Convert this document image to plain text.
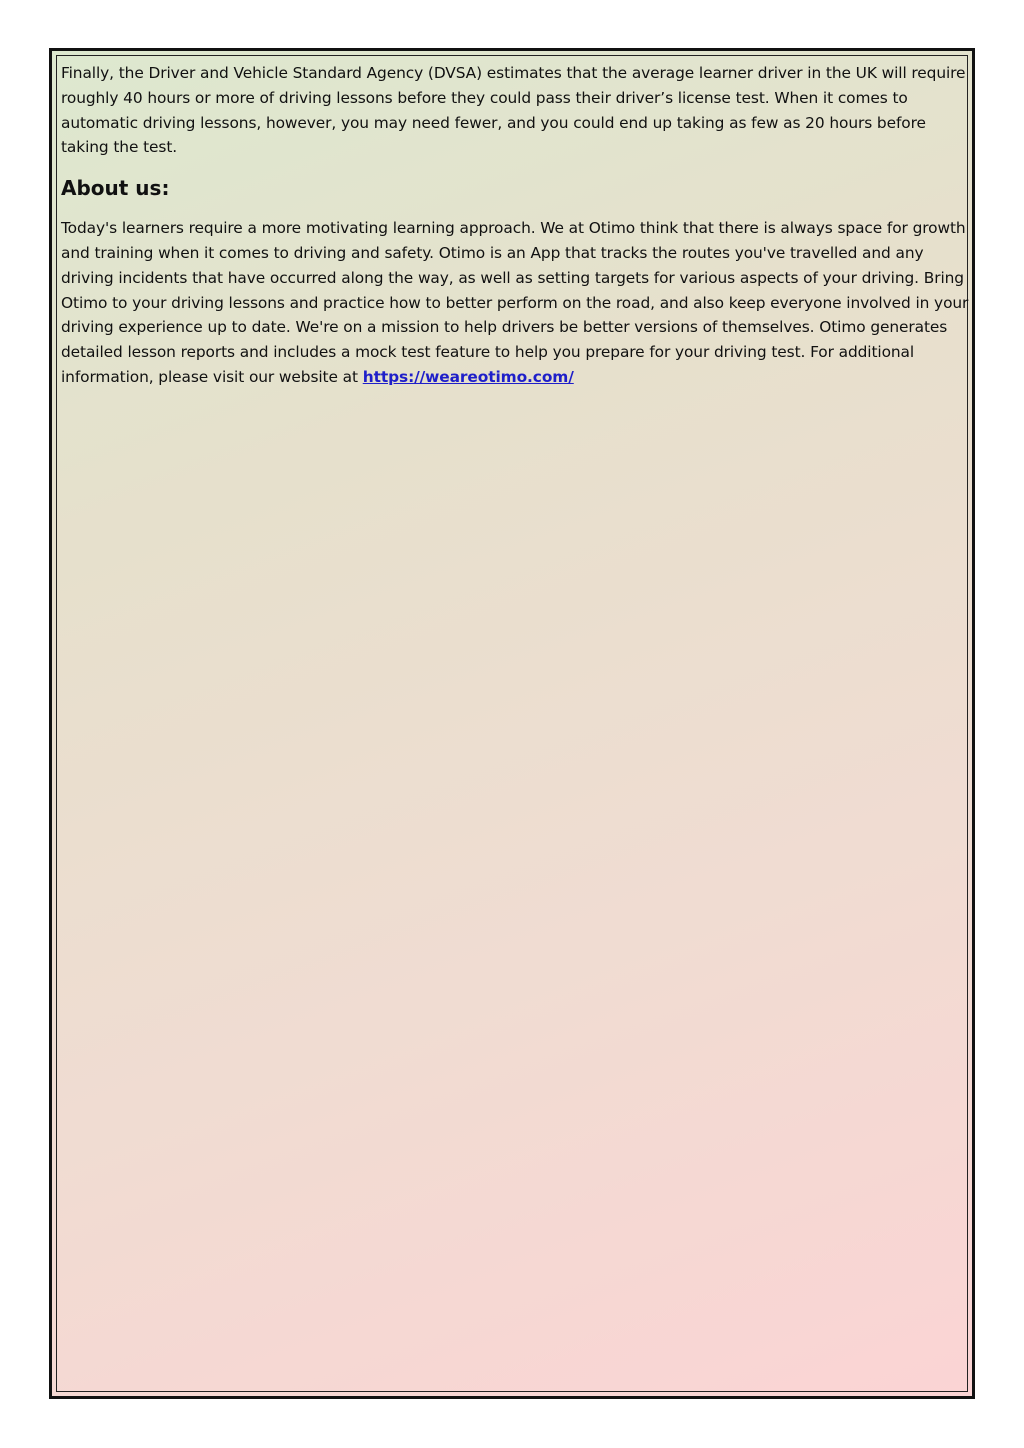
Finally, the Driver and Vehicle Standard Agency (DVSA) estimates that the average learner driver in the UK will require roughly 40 hours or more of driving lessons before they could pass their driver’s license test. When it comes to automatic driving lessons, however, you may need fewer, and you could end up taking as few as 20 hours before taking the test.

About us:

Today's learners require a more motivating learning approach. We at Otimo think that there is always space for growth and training when it comes to driving and safety. Otimo is an App that tracks the routes you've travelled and any driving incidents that have occurred along the way, as well as setting targets for various aspects of your driving. Bring Otimo to your driving lessons and practice how to better perform on the road, and also keep everyone involved in your driving experience up to date. We're on a mission to help drivers be better versions of themselves. Otimo generates detailed lesson reports and includes a mock test feature to help you prepare for your driving test. For additional information, please visit our website at https://weareotimo.com/
